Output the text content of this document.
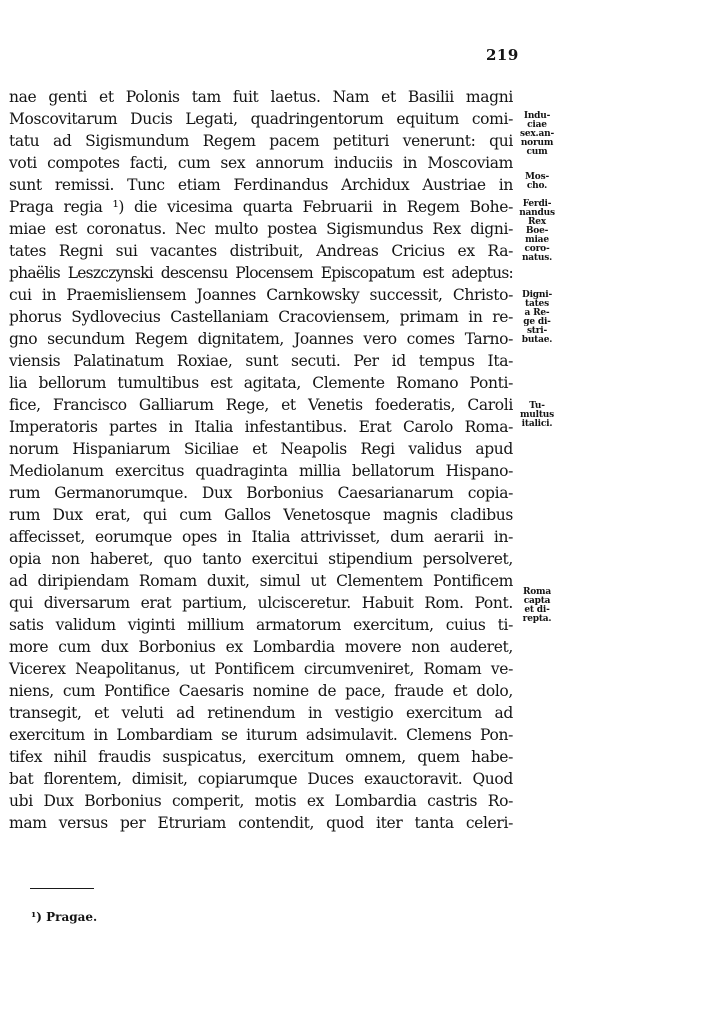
219
nae genti et Polonis tam fuit laetus. Nam et Basilii magni
Moscovitarum Ducis Legati, quadringentorum equitum comi-
tatu ad Sigismundum Regem pacem petituri venerunt: qui
voti compotes facti, cum sex annorum induciis in Moscoviam
sunt remissi. Tunc etiam Ferdinandus Archidux Austriae in
Praga regia ¹) die vicesima quarta Februarii in Regem Bohe-
miae est coronatus. Nec multo postea Sigismundus Rex digni-
tates Regni sui vacantes distribuit, Andreas Cricius ex Ra-
phaëlis Leszczynski descensu Plocensem Episcopatum est adeptus:
cui in Praemisliensem Joannes Carnkowsky successit, Christo-
phorus Sydlovecius Castellaniam Cracoviensem, primam in re-
gno secundum Regem dignitatem, Joannes vero comes Tarno-
viensis Palatinatum Roxiae, sunt secuti. Per id tempus Ita-
lia bellorum tumultibus est agitata, Clemente Romano Ponti-
fice, Francisco Galliarum Rege, et Venetis foederatis, Caroli
Imperatoris partes in Italia infestantibus. Erat Carolo Roma-
norum Hispaniarum Siciliae et Neapolis Regi validus apud
Mediolanum exercitus quadraginta millia bellatorum Hispano-
rum Germanorumque. Dux Borbonius Caesarianarum copia-
rum Dux erat, qui cum Gallos Venetosque magnis cladibus
affecisset, eorumque opes in Italia attrivisset, dum aerarii in-
opia non haberet, quo tanto exercitui stipendium persolveret,
ad diripiendam Romam duxit, simul ut Clementem Pontificem
qui diversarum erat partium, ulcisceretur. Habuit Rom. Pont.
satis validum viginti millium armatorum exercitum, cuius ti-
more cum dux Borbonius ex Lombardia movere non auderet,
Vicerex Neapolitanus, ut Pontificem circumveniret, Romam ve-
niens, cum Pontifice Caesaris nomine de pace, fraude et dolo,
transegit, et veluti ad retinendum in vestigio exercitum ad
exercitum in Lombardiam se iturum adsimulavit. Clemens Pon-
tifex nihil fraudis suspicatus, exercitum omnem, quem habe-
bat florentem, dimisit, copiarumque Duces exauctoravit. Quod
ubi Dux Borbonius comperit, motis ex Lombardia castris Ro-
mam versus per Etruriam contendit, quod iter tanta celeri-
Indu-
ciae
sex.an-
norum
cum
Mos-
cho.
Ferdi-
nandus
Rex
Boe-
miae
coro-
natus.
Digni-
tates
a Re-
ge di-
stri-
butae.
Tu-
multus
italici.
Roma
capta
et di-
repta.
¹) Pragae.
